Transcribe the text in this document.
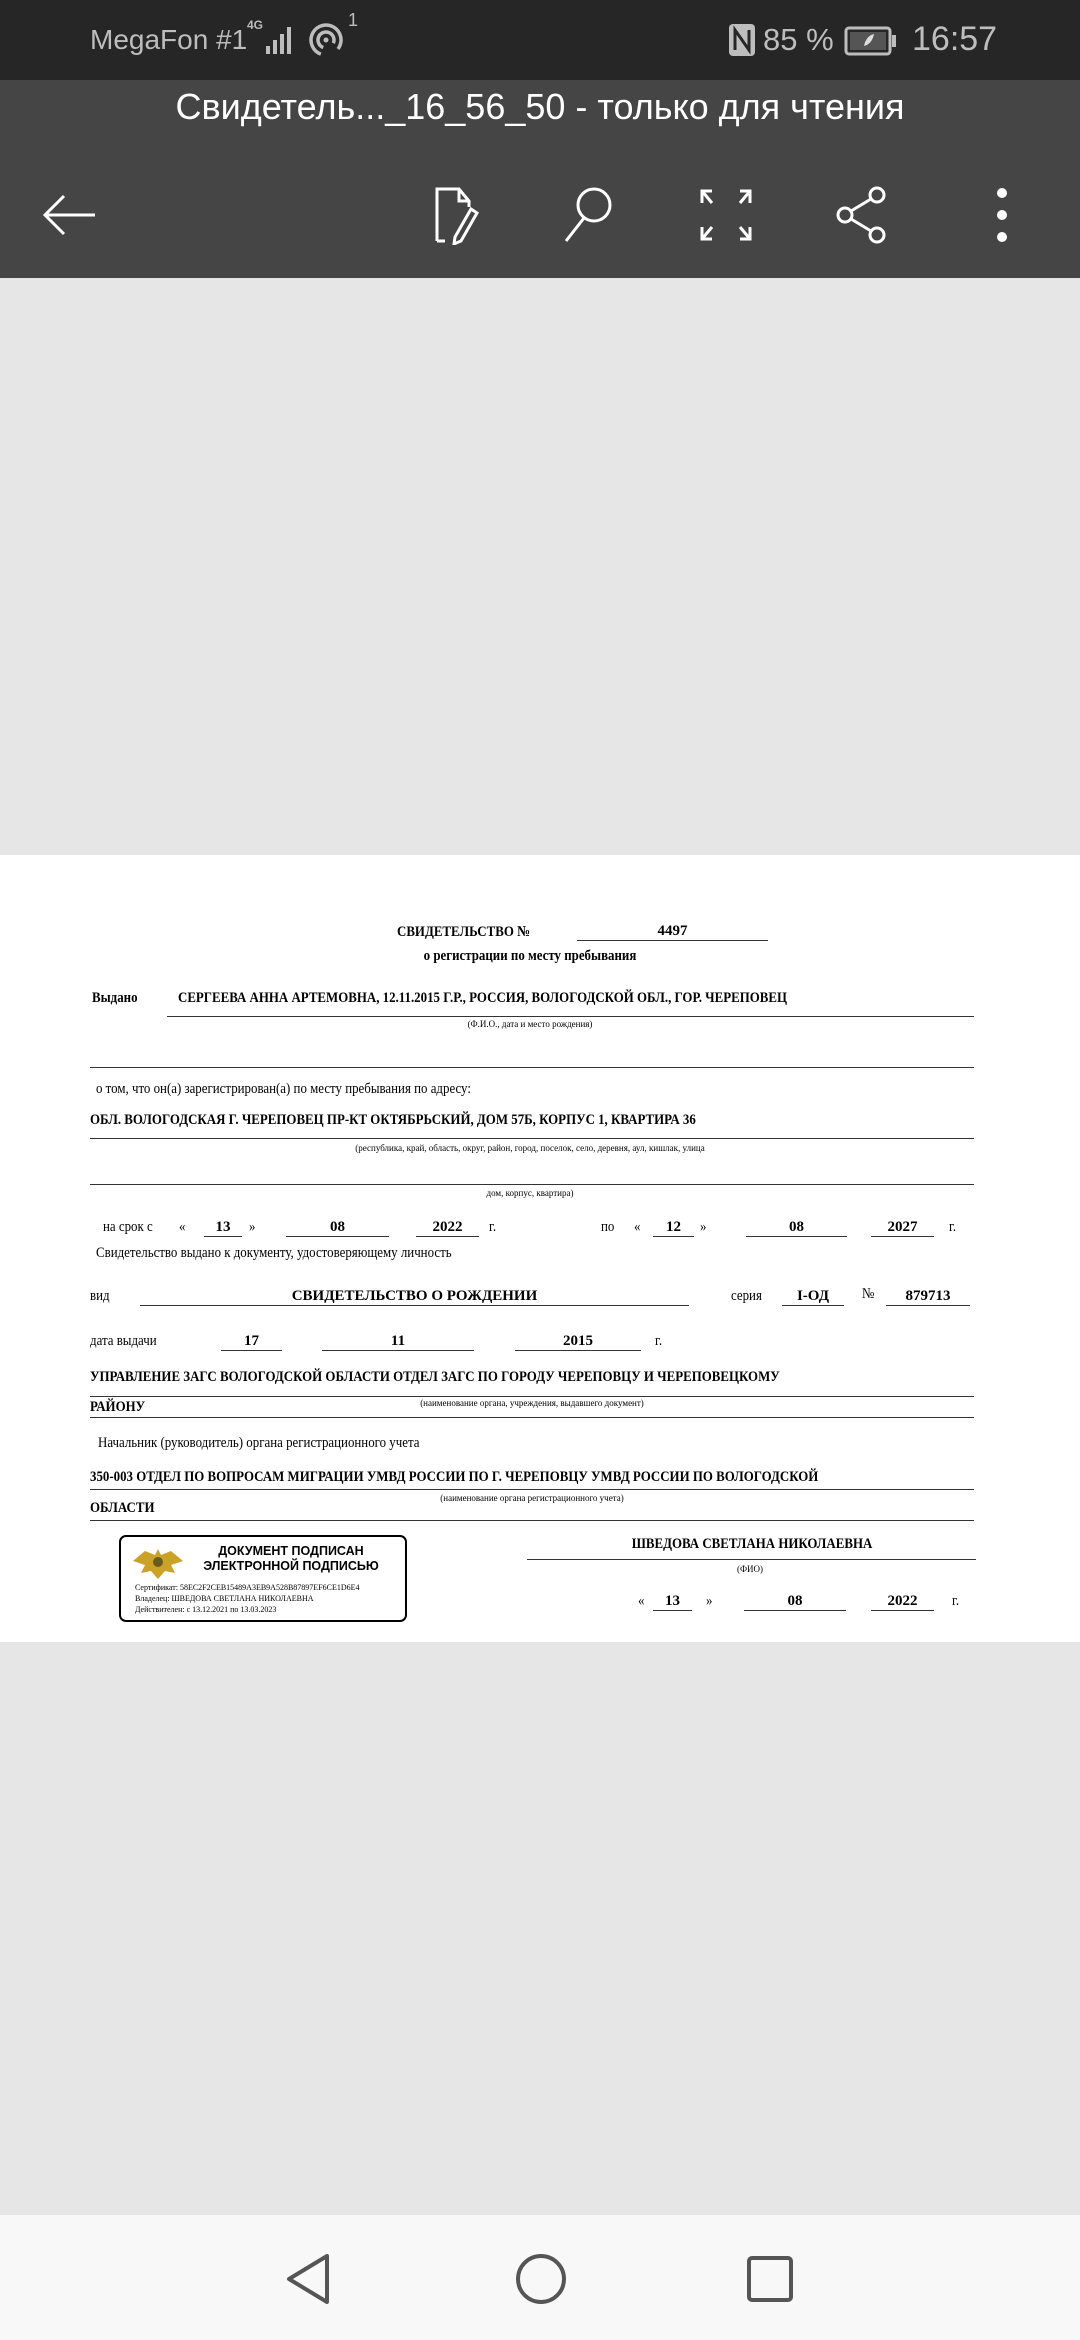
MegaFon #1 4G	1
85 % 16:57
Свидетель..._16_56_50 - только для чтения
СВИДЕТЕЛЬСТВО №	4497
о регистрации по месту пребывания
Выдано	СЕРГЕЕВА АННА АРТЕМОВНА, 12.11.2015 Г.Р., РОССИЯ, ВОЛОГОДСКОЙ ОБЛ., ГОР. ЧЕРЕПОВЕЦ
(Ф.И.О., дата и место рождения)
о том, что он(а) зарегистрирован(а) по месту пребывания по адресу:
ОБЛ. ВОЛОГОДСКАЯ Г. ЧЕРЕПОВЕЦ ПР-КТ ОКТЯБРЬСКИЙ, ДОМ 57Б, КОРПУС 1, КВАРТИРА 36
(республика, край, область, округ, район, город, поселок, село, деревня, аул, кишлак, улица
дом, корпус, квартира)
на срок с «	13	»	08	2022	г.	по «	12	»	08	2027	г.
Свидетельство выдано к документу, удостоверяющему личность
вид	СВИДЕТЕЛЬСТВО О РОЖДЕНИИ	серия	I-ОД	№	879713
дата выдачи	17	11	2015	г.
УПРАВЛЕНИЕ ЗАГС ВОЛОГОДСКОЙ ОБЛАСТИ ОТДЕЛ ЗАГС ПО ГОРОДУ ЧЕРЕПОВЦУ И ЧЕРЕПОВЕЦКОМУ
(наименование органа, учреждения, выдавшего документ)
РАЙОНУ
Начальник (руководитель) органа регистрационного учета
350-003 ОТДЕЛ ПО ВОПРОСАМ МИГРАЦИИ УМВД РОССИИ ПО Г. ЧЕРЕПОВЦУ УМВД РОССИИ ПО ВОЛОГОДСКОЙ
(наименование органа регистрационного учета)
ОБЛАСТИ
ДОКУМЕНТ ПОДПИСАН
ЭЛЕКТРОННОЙ ПОДПИСЬЮ
Сертификат: 58EC2F2CEB15489A3EB9A528B87897EF6CE1D6E4
Владелец: ШВЕДОВА СВЕТЛАНА НИКОЛАЕВНА
Действителен: с 13.12.2021 по 13.03.2023
ШВЕДОВА СВЕТЛАНА НИКОЛАЕВНА
(ФИО)
«	13	»	08	2022	г.
